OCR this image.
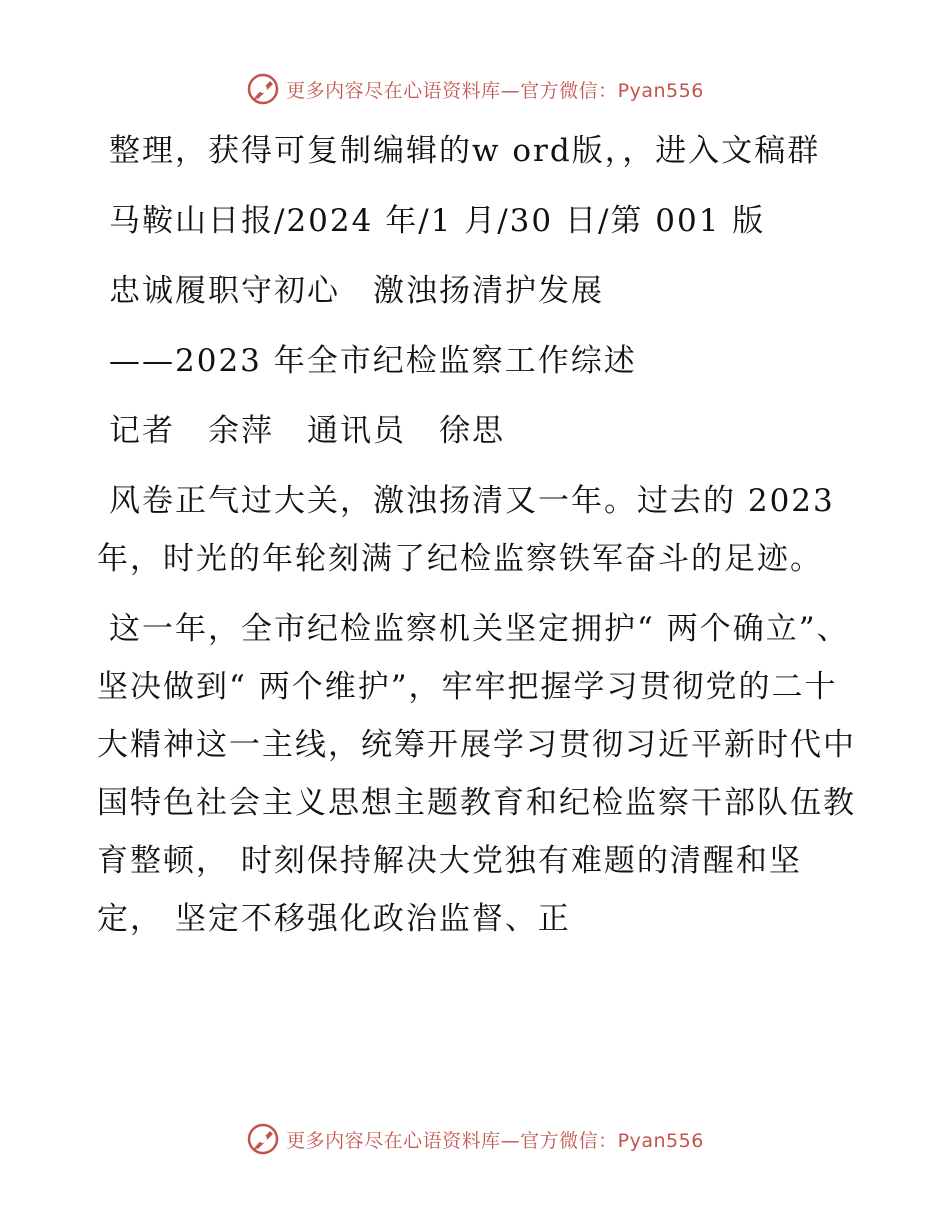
更多内容尽在心语资料库—官方微信：Pyan556

整理，获得可复制编辑的w ord版，，进入文稿群

马鞍山日报/2024 年/1 月/30 日/第 001 版

忠诚履职守初心　激浊扬清护发展

——2023 年全市纪检监察工作综述

记者　余萍　通讯员　徐思

风卷正气过大关，激浊扬清又一年。过去的 2023 年，时光的年轮刻满了纪检监察铁军奋斗的足迹。

这一年，全市纪检监察机关坚定拥护“ 两个确立”、坚决做到“ 两个维护”，牢牢把握学习贯彻党的二十大精神这一主线，统筹开展学习贯彻习近平新时代中国特色社会主义思想主题教育和纪检监察干部队伍教育整顿， 时刻保持解决大党独有难题的清醒和坚定， 坚定不移强化政治监督、正

更多内容尽在心语资料库—官方微信：Pyan556
